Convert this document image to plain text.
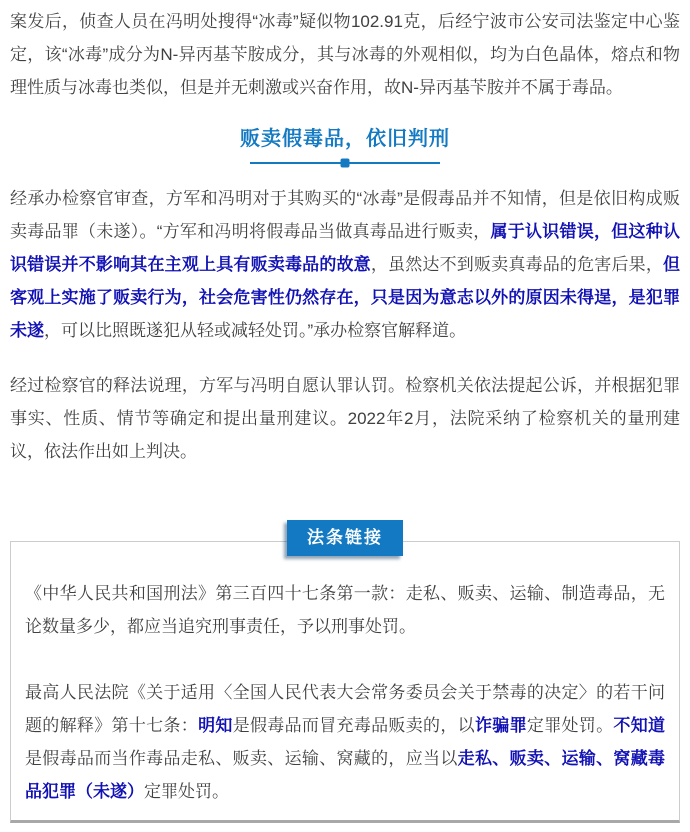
案发后，侦查人员在冯明处搜得“冰毒”疑似物102.91克，后经宁波市公安司法鉴定中心鉴定，该“冰毒”成分为N-异丙基苄胺成分，其与冰毒的外观相似，均为白色晶体，熔点和物理性质与冰毒也类似，但是并无刺激或兴奋作用，故N-异丙基苄胺并不属于毒品。

贩卖假毒品，依旧判刑

经承办检察官审查，方军和冯明对于其购买的“冰毒”是假毒品并不知情，但是依旧构成贩卖毒品罪（未遂）。“方军和冯明将假毒品当做真毒品进行贩卖，属于认识错误，但这种认识错误并不影响其在主观上具有贩卖毒品的故意，虽然达不到贩卖真毒品的危害后果，但客观上实施了贩卖行为，社会危害性仍然存在，只是因为意志以外的原因未得逞，是犯罪未遂，可以比照既遂犯从轻或减轻处罚。”承办检察官解释道。

经过检察官的释法说理，方军与冯明自愿认罪认罚。检察机关依法提起公诉，并根据犯罪事实、性质、情节等确定和提出量刑建议。2022年2月，法院采纳了检察机关的量刑建议，依法作出如上判决。

法条链接

《中华人民共和国刑法》第三百四十七条第一款：走私、贩卖、运输、制造毒品，无论数量多少，都应当追究刑事责任，予以刑事处罚。

最高人民法院《关于适用〈全国人民代表大会常务委员会关于禁毒的决定〉的若干问题的解释》第十七条：明知是假毒品而冒充毒品贩卖的，以诈骗罪定罪处罚。不知道是假毒品而当作毒品走私、贩卖、运输、窝藏的，应当以走私、贩卖、运输、窝藏毒品犯罪（未遂）定罪处罚。
